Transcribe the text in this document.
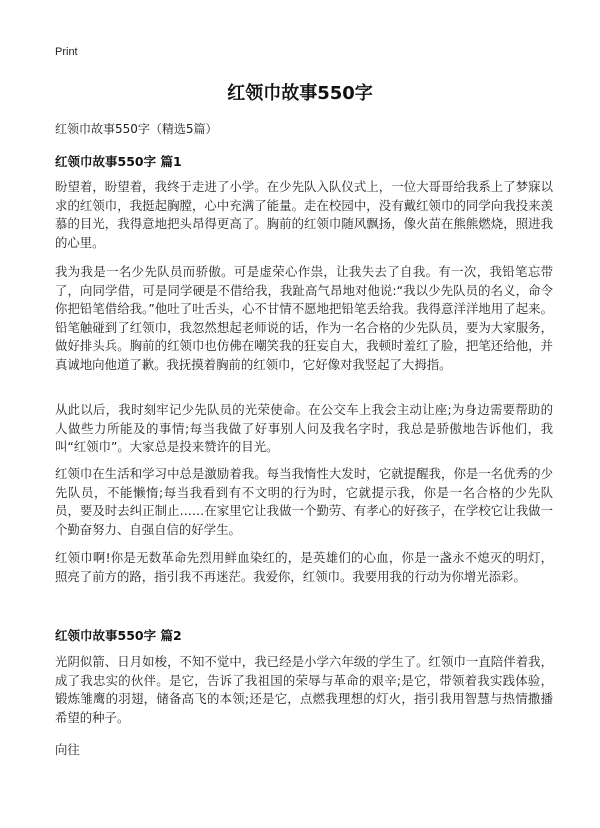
Print
红领巾故事550字
红领巾故事550字（精选5篇）
红领巾故事550字 篇1
盼望着，盼望着，我终于走进了小学。在少先队入队仪式上，一位大哥哥给我系上了梦寐以求的红领巾，我挺起胸膛，心中充满了能量。走在校园中，没有戴红领巾的同学向我投来羡慕的目光，我得意地把头昂得更高了。胸前的红领巾随风飘扬，像火苗在熊熊燃烧，照进我的心里。
我为我是一名少先队员而骄傲。可是虚荣心作祟，让我失去了自我。有一次，我铅笔忘带了，向同学借，可是同学硬是不借给我，我趾高气昂地对他说:“我以少先队员的名义，命令你把铅笔借给我。”他吐了吐舌头，心不甘情不愿地把铅笔丢给我。我得意洋洋地用了起来。铅笔触碰到了红领巾，我忽然想起老师说的话，作为一名合格的少先队员，要为大家服务，做好排头兵。胸前的红领巾也仿佛在嘲笑我的狂妄自大，我顿时羞红了脸，把笔还给他，并真诚地向他道了歉。我抚摸着胸前的红领巾，它好像对我竖起了大拇指。
从此以后，我时刻牢记少先队员的光荣使命。在公交车上我会主动让座;为身边需要帮助的人做些力所能及的事情;每当我做了好事别人问及我名字时，我总是骄傲地告诉他们，我叫“红领巾”。大家总是投来赞许的目光。
红领巾在生活和学习中总是激励着我。每当我惰性大发时，它就提醒我，你是一名优秀的少先队员，不能懒惰;每当我看到有不文明的行为时，它就提示我，你是一名合格的少先队员，要及时去纠正制止……在家里它让我做一个勤劳、有孝心的好孩子，在学校它让我做一个勤奋努力、自强自信的好学生。
红领巾啊!你是无数革命先烈用鲜血染红的，是英雄们的心血，你是一盏永不熄灭的明灯，照亮了前方的路，指引我不再迷茫。我爱你，红领巾。我要用我的行动为你增光添彩。
红领巾故事550字 篇2
光阴似箭、日月如梭，不知不觉中，我已经是小学六年级的学生了。红领巾一直陪伴着我，成了我忠实的伙伴。是它，告诉了我祖国的荣辱与革命的艰辛;是它，带领着我实践体验，锻炼雏鹰的羽翅，储备高飞的本领;还是它，点燃我理想的灯火，指引我用智慧与热情撒播希望的种子。
向往
